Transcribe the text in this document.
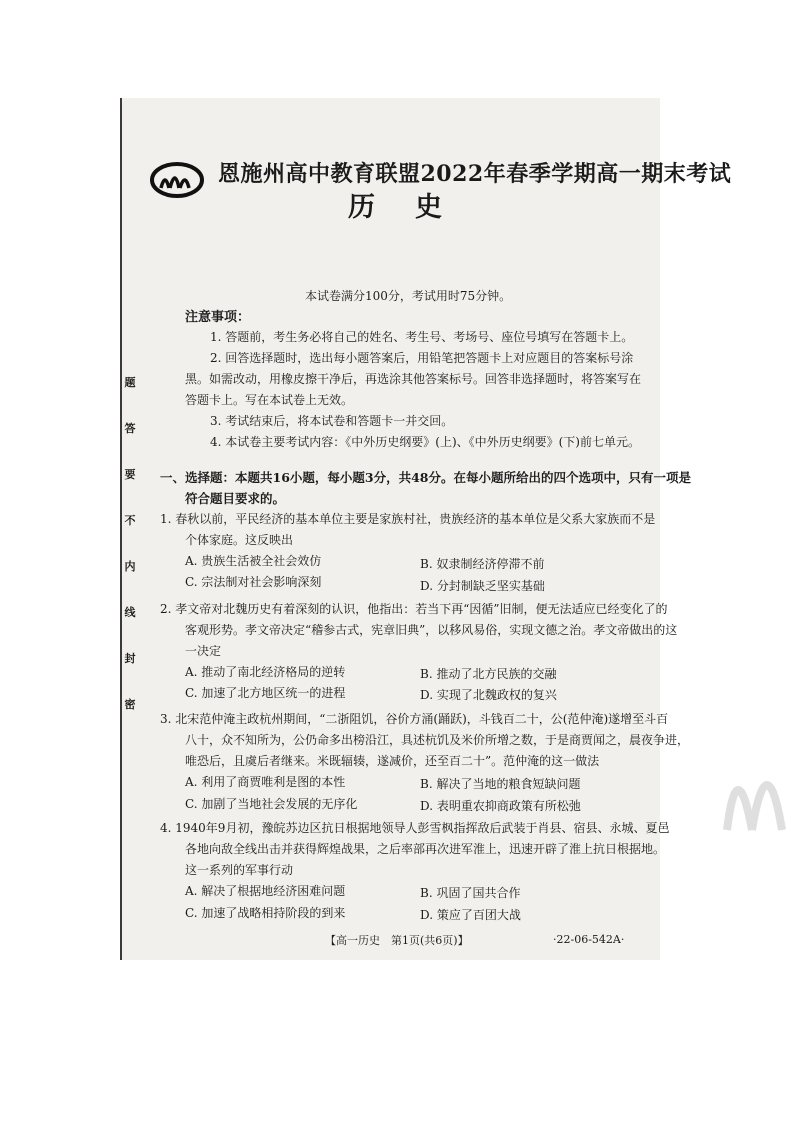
题
答
要
不
内
线
封
密
恩施州高中教育联盟2022年春季学期高一期末考试
历史
本试卷满分100分，考试用时75分钟。
注意事项：
1. 答题前，考生务必将自己的姓名、考生号、考场号、座位号填写在答题卡上。
2. 回答选择题时，选出每小题答案后，用铅笔把答题卡上对应题目的答案标号涂
黑。如需改动，用橡皮擦干净后，再选涂其他答案标号。回答非选择题时，将答案写在
答题卡上。写在本试卷上无效。
3. 考试结束后，将本试卷和答题卡一并交回。
4. 本试卷主要考试内容：《中外历史纲要》(上)、《中外历史纲要》(下)前七单元。
一、选择题：本题共16小题，每小题3分，共48分。在每小题所给出的四个选项中，只有一项是
符合题目要求的。
1. 春秋以前，平民经济的基本单位主要是家族村社，贵族经济的基本单位是父系大家族而不是
个体家庭。这反映出
A. 贵族生活被全社会效仿	B. 奴隶制经济停滞不前
C. 宗法制对社会影响深刻	D. 分封制缺乏坚实基础
2. 孝文帝对北魏历史有着深刻的认识，他指出：若当下再“因循”旧制，便无法适应已经变化了的
客观形势。孝文帝决定“稽参古式，宪章旧典”，以移风易俗，实现文德之治。孝文帝做出的这
一决定
A. 推动了南北经济格局的逆转	B. 推动了北方民族的交融
C. 加速了北方地区统一的进程	D. 实现了北魏政权的复兴
3. 北宋范仲淹主政杭州期间，“二浙阻饥，谷价方涌(踊跃)，斗钱百二十，公(范仲淹)遂增至斗百
八十，众不知所为，公仍命多出榜沿江，具述杭饥及米价所增之数，于是商贾闻之，晨夜争进，
唯恐后，且虞后者继来。米既辐辏，遂减价，还至百二十”。范仲淹的这一做法
A. 利用了商贾唯利是图的本性	B. 解决了当地的粮食短缺问题
C. 加剧了当地社会发展的无序化	D. 表明重农抑商政策有所松弛
4. 1940年9月初，豫皖苏边区抗日根据地领导人彭雪枫指挥敌后武装于肖县、宿县、永城、夏邑
各地向敌全线出击并获得辉煌战果，之后率部再次进军淮上，迅速开辟了淮上抗日根据地。
这一系列的军事行动
A. 解决了根据地经济困难问题	B. 巩固了国共合作
C. 加速了战略相持阶段的到来	D. 策应了百团大战
【高一历史　第1页(共6页)】	·22-06-542A·
